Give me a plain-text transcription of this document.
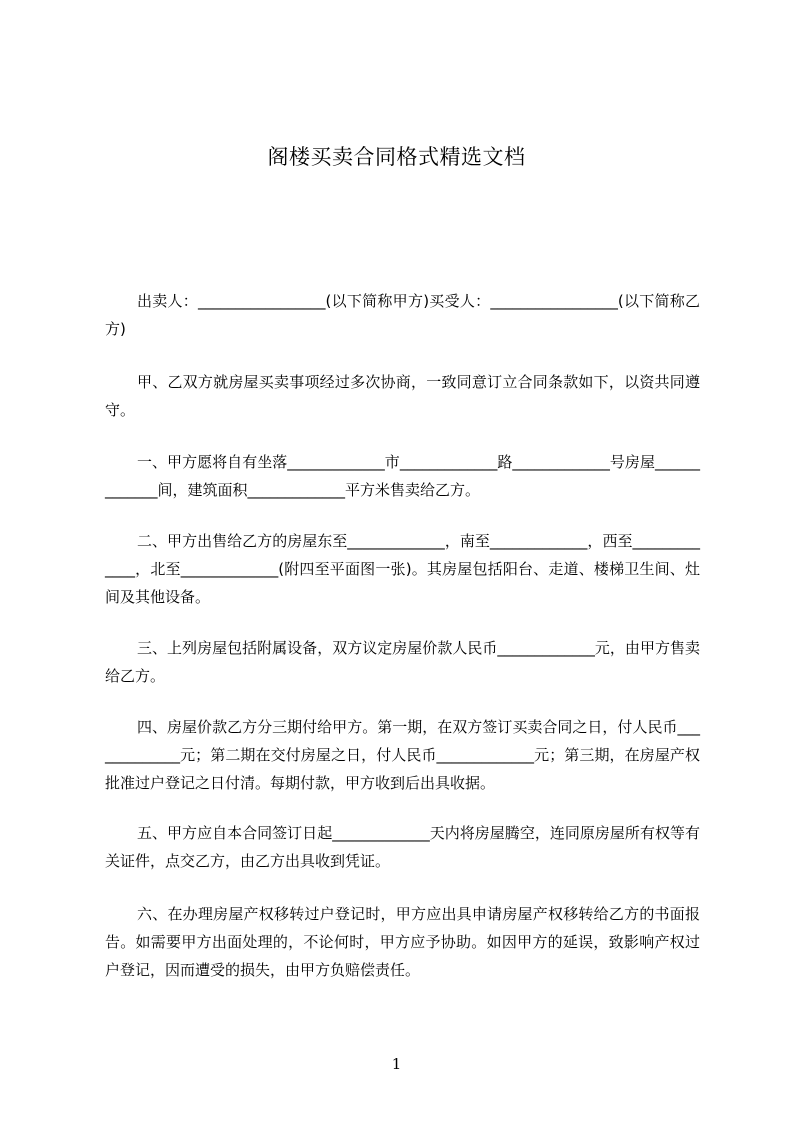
阁楼买卖合同格式精选文档
出卖人：_________________(以下简称甲方)买受人：_________________(以下简称乙方)
甲、乙双方就房屋买卖事项经过多次协商，一致同意订立合同条款如下，以资共同遵守。
一、甲方愿将自有坐落_____________市_____________路_____________号房屋_____________间，建筑面积_____________平方米售卖给乙方。
二、甲方出售给乙方的房屋东至_____________，南至_____________，西至_____________，北至_____________(附四至平面图一张)。其房屋包括阳台、走道、楼梯卫生间、灶间及其他设备。
三、上列房屋包括附属设备，双方议定房屋价款人民币_____________元，由甲方售卖给乙方。
四、房屋价款乙方分三期付给甲方。第一期，在双方签订买卖合同之日，付人民币_____________元；第二期在交付房屋之日，付人民币_____________元；第三期，在房屋产权批准过户登记之日付清。每期付款，甲方收到后出具收据。
五、甲方应自本合同签订日起_____________天内将房屋腾空，连同原房屋所有权等有关证件，点交乙方，由乙方出具收到凭证。
六、在办理房屋产权移转过户登记时，甲方应出具申请房屋产权移转给乙方的书面报告。如需要甲方出面处理的，不论何时，甲方应予协助。如因甲方的延误，致影响产权过户登记，因而遭受的损失，由甲方负赔偿责任。
1
